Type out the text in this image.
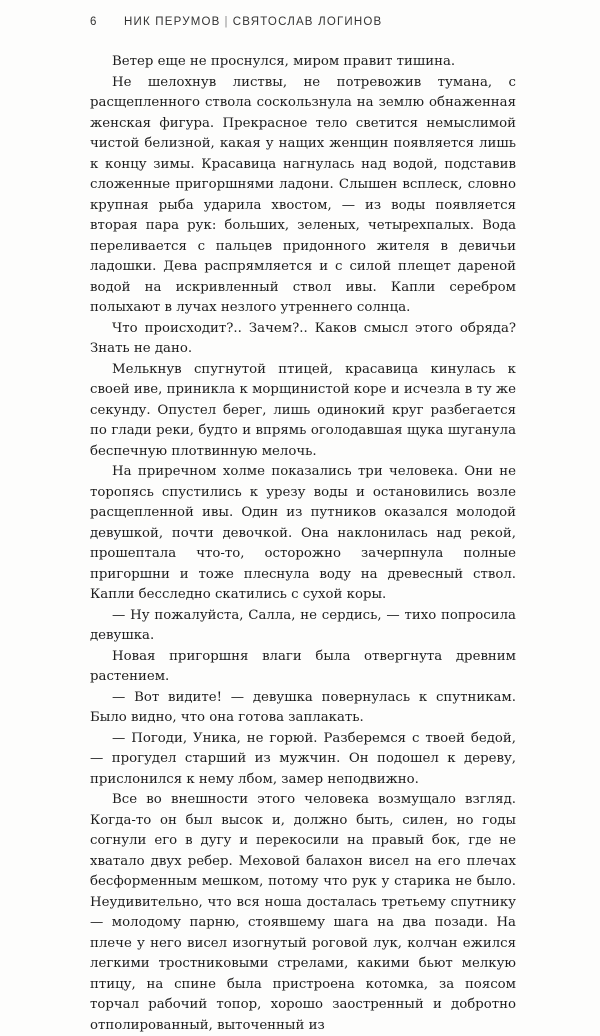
6 НИК ПЕРУМОВ | СВЯТОСЛАВ ЛОГИНОВ

Ветер еще не проснулся, миром правит тишина.

Не шелохнув листвы, не потревожив тумана, с расщепленного ствола соскользнула на землю обнаженная женская фигура. Прекрасное тело светится немыслимой чистой белизной, какая у нащих женщин появляется лишь к концу зимы. Красавица нагнулась над водой, подставив сложенные пригоршнями ладони. Слышен всплеск, словно крупная рыба ударила хвостом, — из воды появляется вторая пара рук: больших, зеленых, четырехпалых. Вода переливается с пальцев придонного жителя в девичьи ладошки. Дева распрямляется и с силой плещет дареной водой на искривленный ствол ивы. Капли серебром полыхают в лучах незлого утреннего солнца.

Что происходит?.. Зачем?.. Каков смысл этого обряда? Знать не дано.

Мелькнув спугнутой птицей, красавица кинулась к своей иве, приникла к морщинистой коре и исчезла в ту же секунду. Опустел берег, лишь одинокий круг разбегается по глади реки, будто и впрямь оголодавшая щука шуганула беспечную плотвинную мелочь.

На приречном холме показались три человека. Они не торопясь спустились к урезу воды и остановились возле расщепленной ивы. Один из путников оказался молодой девушкой, почти девочкой. Она наклонилась над рекой, прошептала что-то, осторожно зачерпнула полные пригоршни и тоже плеснула воду на древесный ствол. Капли бесследно скатились с сухой коры.

— Ну пожалуйста, Салла, не сердись, — тихо попросила девушка.

Новая пригоршня влаги была отвергнута древним растением.

— Вот видите! — девушка повернулась к спутникам. Было видно, что она готова заплакать.

— Погоди, Уника, не горюй. Разберемся с твоей бедой, — прогудел старший из мужчин. Он подошел к дереву, прислонился к нему лбом, замер неподвижно.

Все во внешности этого человека возмущало взгляд. Когда-то он был высок и, должно быть, силен, но годы согнули его в дугу и перекосили на правый бок, где не хватало двух ребер. Меховой балахон висел на его плечах бесформенным мешком, потому что рук у старика не было. Неудивительно, что вся ноша досталась третьему спутнику — молодому парню, стоявшему шага на два позади. На плече у него висел изогнутый роговой лук, колчан ежился легкими тростниковыми стрелами, какими бьют мелкую птицу, на спине была пристроена котомка, за поясом торчал рабочий топор, хорошо заостренный и добротно отполированный, выточенный из
